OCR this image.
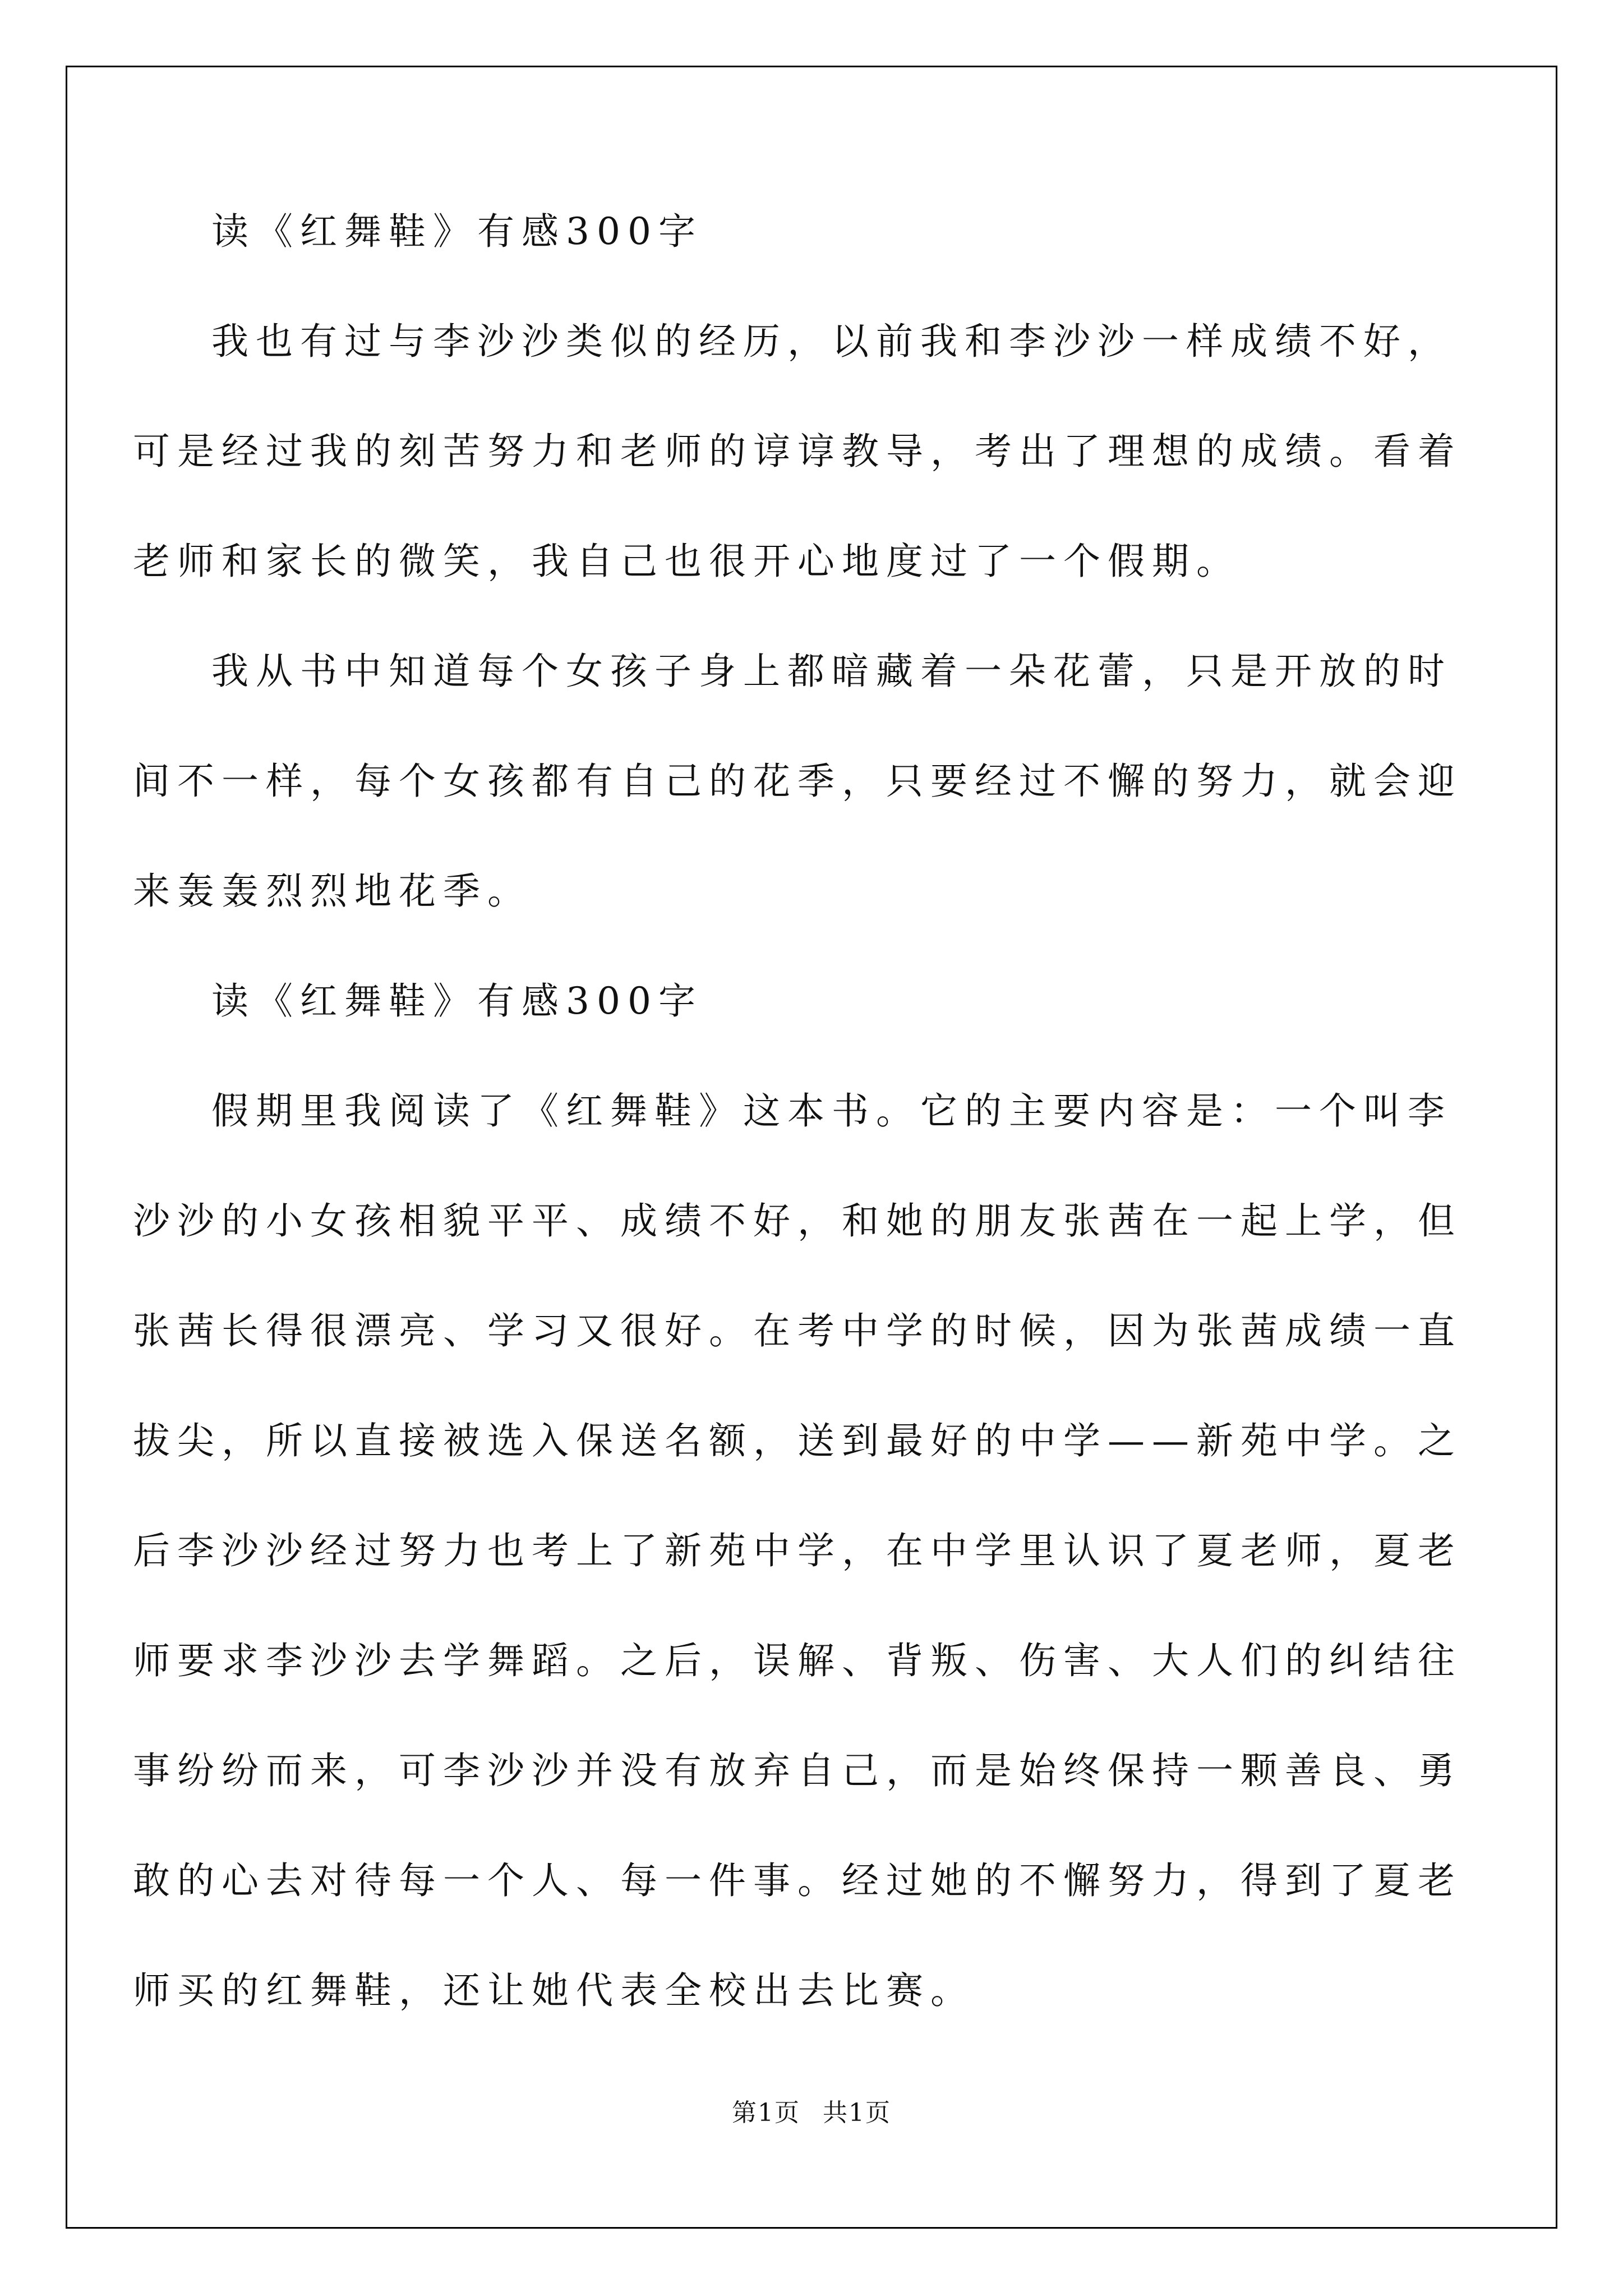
读《红舞鞋》有感300字
我也有过与李沙沙类似的经历，以前我和李沙沙一样成绩不好，
可是经过我的刻苦努力和老师的谆谆教导，考出了理想的成绩。看着
老师和家长的微笑，我自己也很开心地度过了一个假期。
我从书中知道每个女孩子身上都暗藏着一朵花蕾，只是开放的时
间不一样，每个女孩都有自己的花季，只要经过不懈的努力，就会迎
来轰轰烈烈地花季。
读《红舞鞋》有感300字
假期里我阅读了《红舞鞋》这本书。它的主要内容是：一个叫李
沙沙的小女孩相貌平平、成绩不好，和她的朋友张茜在一起上学，但
张茜长得很漂亮、学习又很好。在考中学的时候，因为张茜成绩一直
拔尖，所以直接被选入保送名额，送到最好的中学——新苑中学。之
后李沙沙经过努力也考上了新苑中学，在中学里认识了夏老师，夏老
师要求李沙沙去学舞蹈。之后，误解、背叛、伤害、大人们的纠结往
事纷纷而来，可李沙沙并没有放弃自己，而是始终保持一颗善良、勇
敢的心去对待每一个人、每一件事。经过她的不懈努力，得到了夏老
师买的红舞鞋，还让她代表全校出去比赛。
第1页 共1页
